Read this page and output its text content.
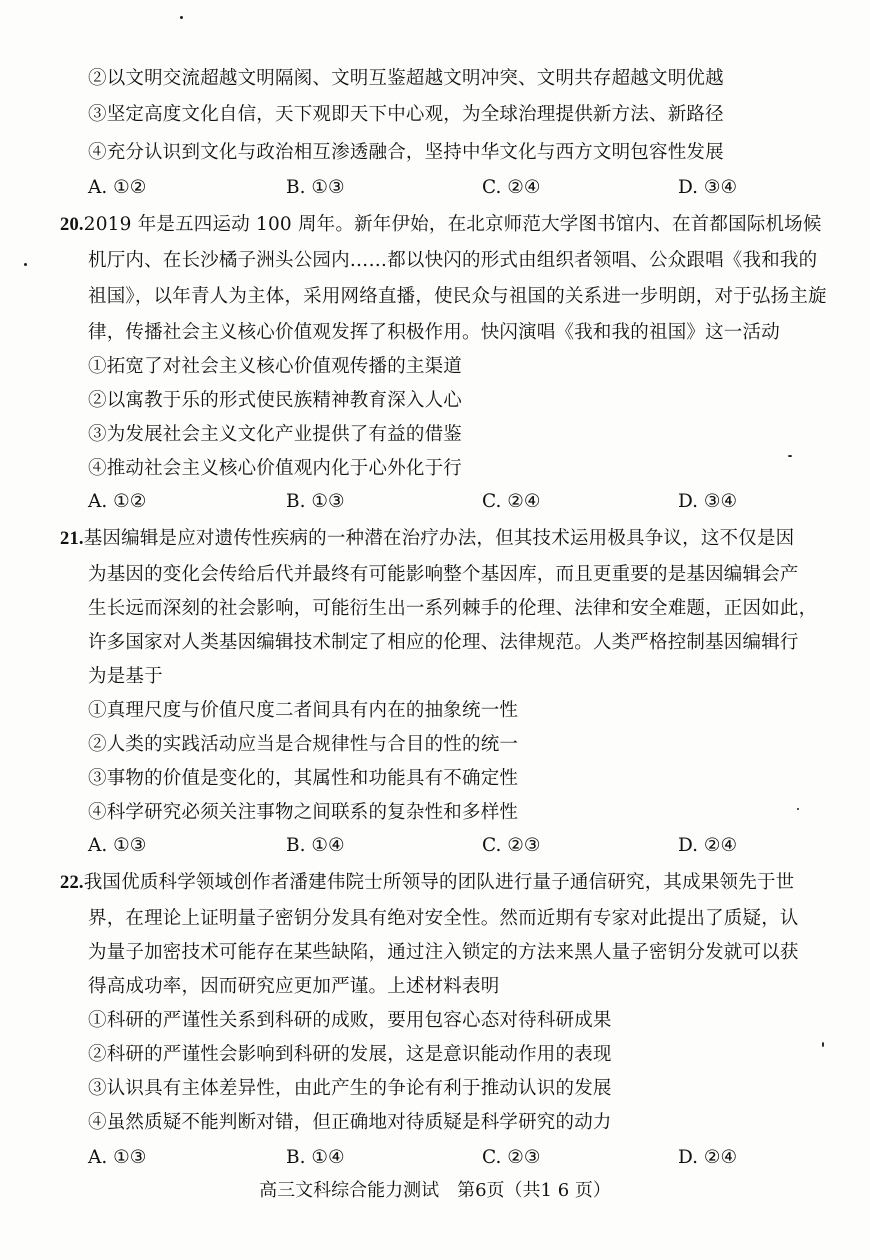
②以文明交流超越文明隔阂、文明互鉴超越文明冲突、文明共存超越文明优越
③坚定高度文化自信，天下观即天下中心观，为全球治理提供新方法、新路径
④充分认识到文化与政治相互渗透融合，坚持中华文化与西方文明包容性发展
A. ①②	B. ①③	C. ②④	D. ③④
20.2019 年是五四运动 100 周年。新年伊始，在北京师范大学图书馆内、在首都国际机场候
机厅内、在长沙橘子洲头公园内……都以快闪的形式由组织者领唱、公众跟唱《我和我的
祖国》，以年青人为主体，采用网络直播，使民众与祖国的关系进一步明朗，对于弘扬主旋
律，传播社会主义核心价值观发挥了积极作用。快闪演唱《我和我的祖国》这一活动
①拓宽了对社会主义核心价值观传播的主渠道
②以寓教于乐的形式使民族精神教育深入人心
③为发展社会主义文化产业提供了有益的借鉴
④推动社会主义核心价值观内化于心外化于行
A. ①②	B. ①③	C. ②④	D. ③④
21.基因编辑是应对遗传性疾病的一种潜在治疗办法，但其技术运用极具争议，这不仅是因
为基因的变化会传给后代并最终有可能影响整个基因库，而且更重要的是基因编辑会产
生长远而深刻的社会影响，可能衍生出一系列棘手的伦理、法律和安全难题，正因如此，
许多国家对人类基因编辑技术制定了相应的伦理、法律规范。人类严格控制基因编辑行
为是基于
①真理尺度与价值尺度二者间具有内在的抽象统一性
②人类的实践活动应当是合规律性与合目的性的统一
③事物的价值是变化的，其属性和功能具有不确定性
④科学研究必须关注事物之间联系的复杂性和多样性
A. ①③	B. ①④	C. ②③	D. ②④
22.我国优质科学领域创作者潘建伟院士所领导的团队进行量子通信研究，其成果领先于世
界，在理论上证明量子密钥分发具有绝对安全性。然而近期有专家对此提出了质疑，认
为量子加密技术可能存在某些缺陷，通过注入锁定的方法来黑人量子密钥分发就可以获
得高成功率，因而研究应更加严谨。上述材料表明
①科研的严谨性关系到科研的成败，要用包容心态对待科研成果
②科研的严谨性会影响到科研的发展，这是意识能动作用的表现
③认识具有主体差异性，由此产生的争论有利于推动认识的发展
④虽然质疑不能判断对错，但正确地对待质疑是科学研究的动力
A. ①③	B. ①④	C. ②③	D. ②④
高三文科综合能力测试　第6页（共1 6 页）
